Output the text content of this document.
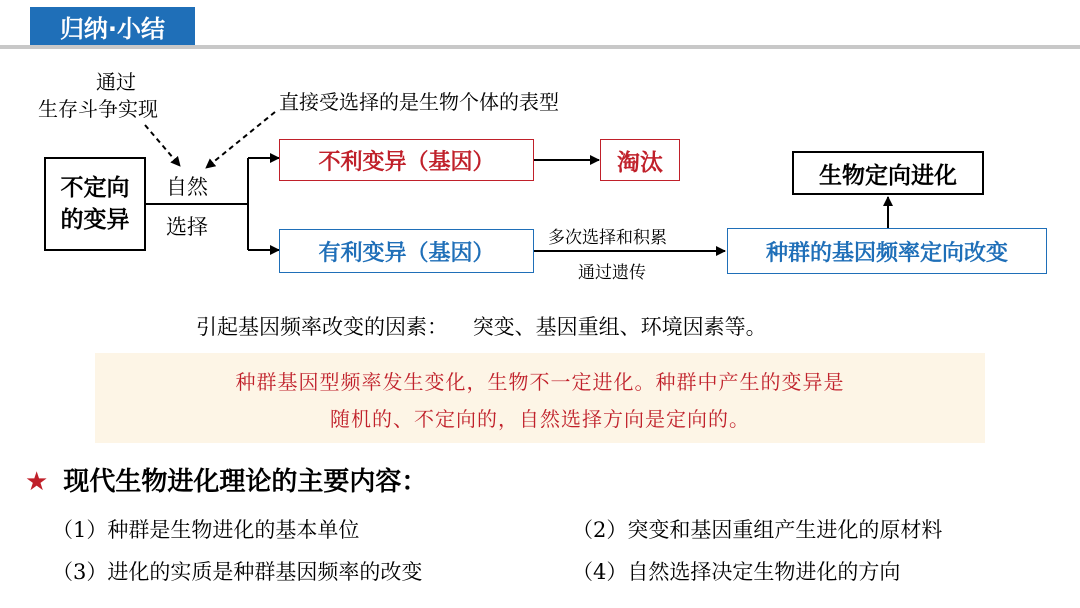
归纳·小结
通过
生存斗争实现	直接受选择的是生物个体的表型
不定向
的变异
自然
选择
不利变异（基因）	淘汰
有利变异（基因）
多次选择和积累
通过遗传
种群的基因频率定向改变
生物定向进化
引起基因频率改变的因素： 突变、基因重组、环境因素等。
种群基因型频率发生变化，生物不一定进化。种群中产生的变异是
随机的、不定向的，自然选择方向是定向的。
★ 现代生物进化理论的主要内容：
（1）种群是生物进化的基本单位	（2）突变和基因重组产生进化的原材料
（3）进化的实质是种群基因频率的改变	（4）自然选择决定生物进化的方向
